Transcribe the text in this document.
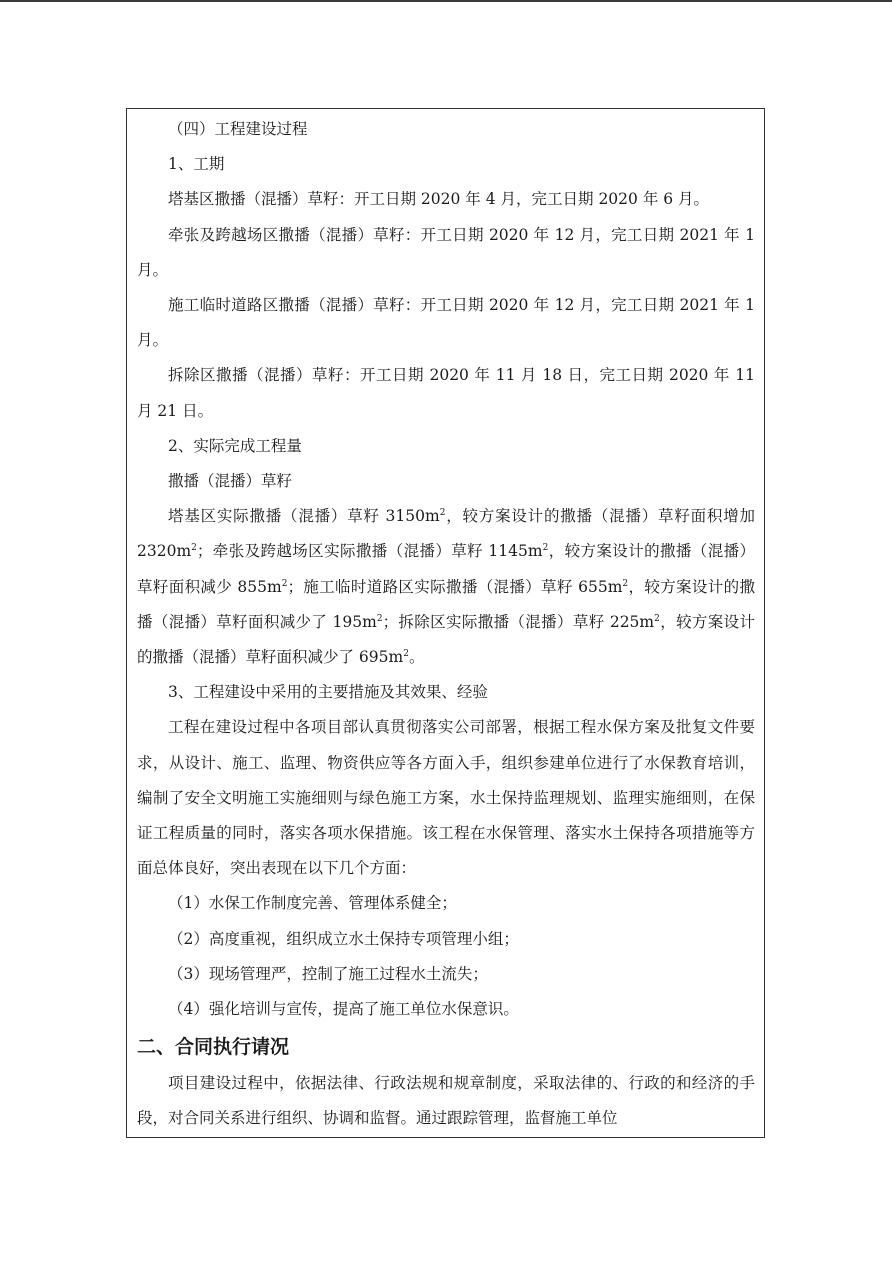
（四）工程建设过程

1、工期

塔基区撒播（混播）草籽：开工日期 2020 年 4 月，完工日期 2020 年 6 月。

牵张及跨越场区撒播（混播）草籽：开工日期 2020 年 12 月，完工日期 2021 年 1 月。

施工临时道路区撒播（混播）草籽：开工日期 2020 年 12 月，完工日期 2021 年 1 月。

拆除区撒播（混播）草籽：开工日期 2020 年 11 月 18 日，完工日期 2020 年 11 月 21 日。

2、实际完成工程量

撒播（混播）草籽

塔基区实际撒播（混播）草籽 $3150m^2$，较方案设计的撒播（混播）草籽面积增加 $2320m^2$；牵张及跨越场区实际撒播（混播）草籽 $1145m^2$，较方案设计的撒播（混播）草籽面积减少 $855m^2$；施工临时道路区实际撒播（混播）草籽 $655m^2$，较方案设计的撒播（混播）草籽面积减少了 $195m^2$；拆除区实际撒播（混播）草籽 $225m^2$，较方案设计的撒播（混播）草籽面积减少了 $695m^2$。

3、工程建设中采用的主要措施及其效果、经验

工程在建设过程中各项目部认真贯彻落实公司部署，根据工程水保方案及批复文件要求，从设计、施工、监理、物资供应等各方面入手，组织参建单位进行了水保教育培训，编制了安全文明施工实施细则与绿色施工方案，水土保持监理规划、监理实施细则，在保证工程质量的同时，落实各项水保措施。该工程在水保管理、落实水土保持各项措施等方面总体良好，突出表现在以下几个方面：

（1）水保工作制度完善、管理体系健全；

（2）高度重视，组织成立水土保持专项管理小组；

（3）现场管理严，控制了施工过程水土流失；

（4）强化培训与宣传，提高了施工单位水保意识。

二、合同执行请况

项目建设过程中，依据法律、行政法规和规章制度，采取法律的、行政的和经济的手段，对合同关系进行组织、协调和监督。通过跟踪管理，监督施工单位
